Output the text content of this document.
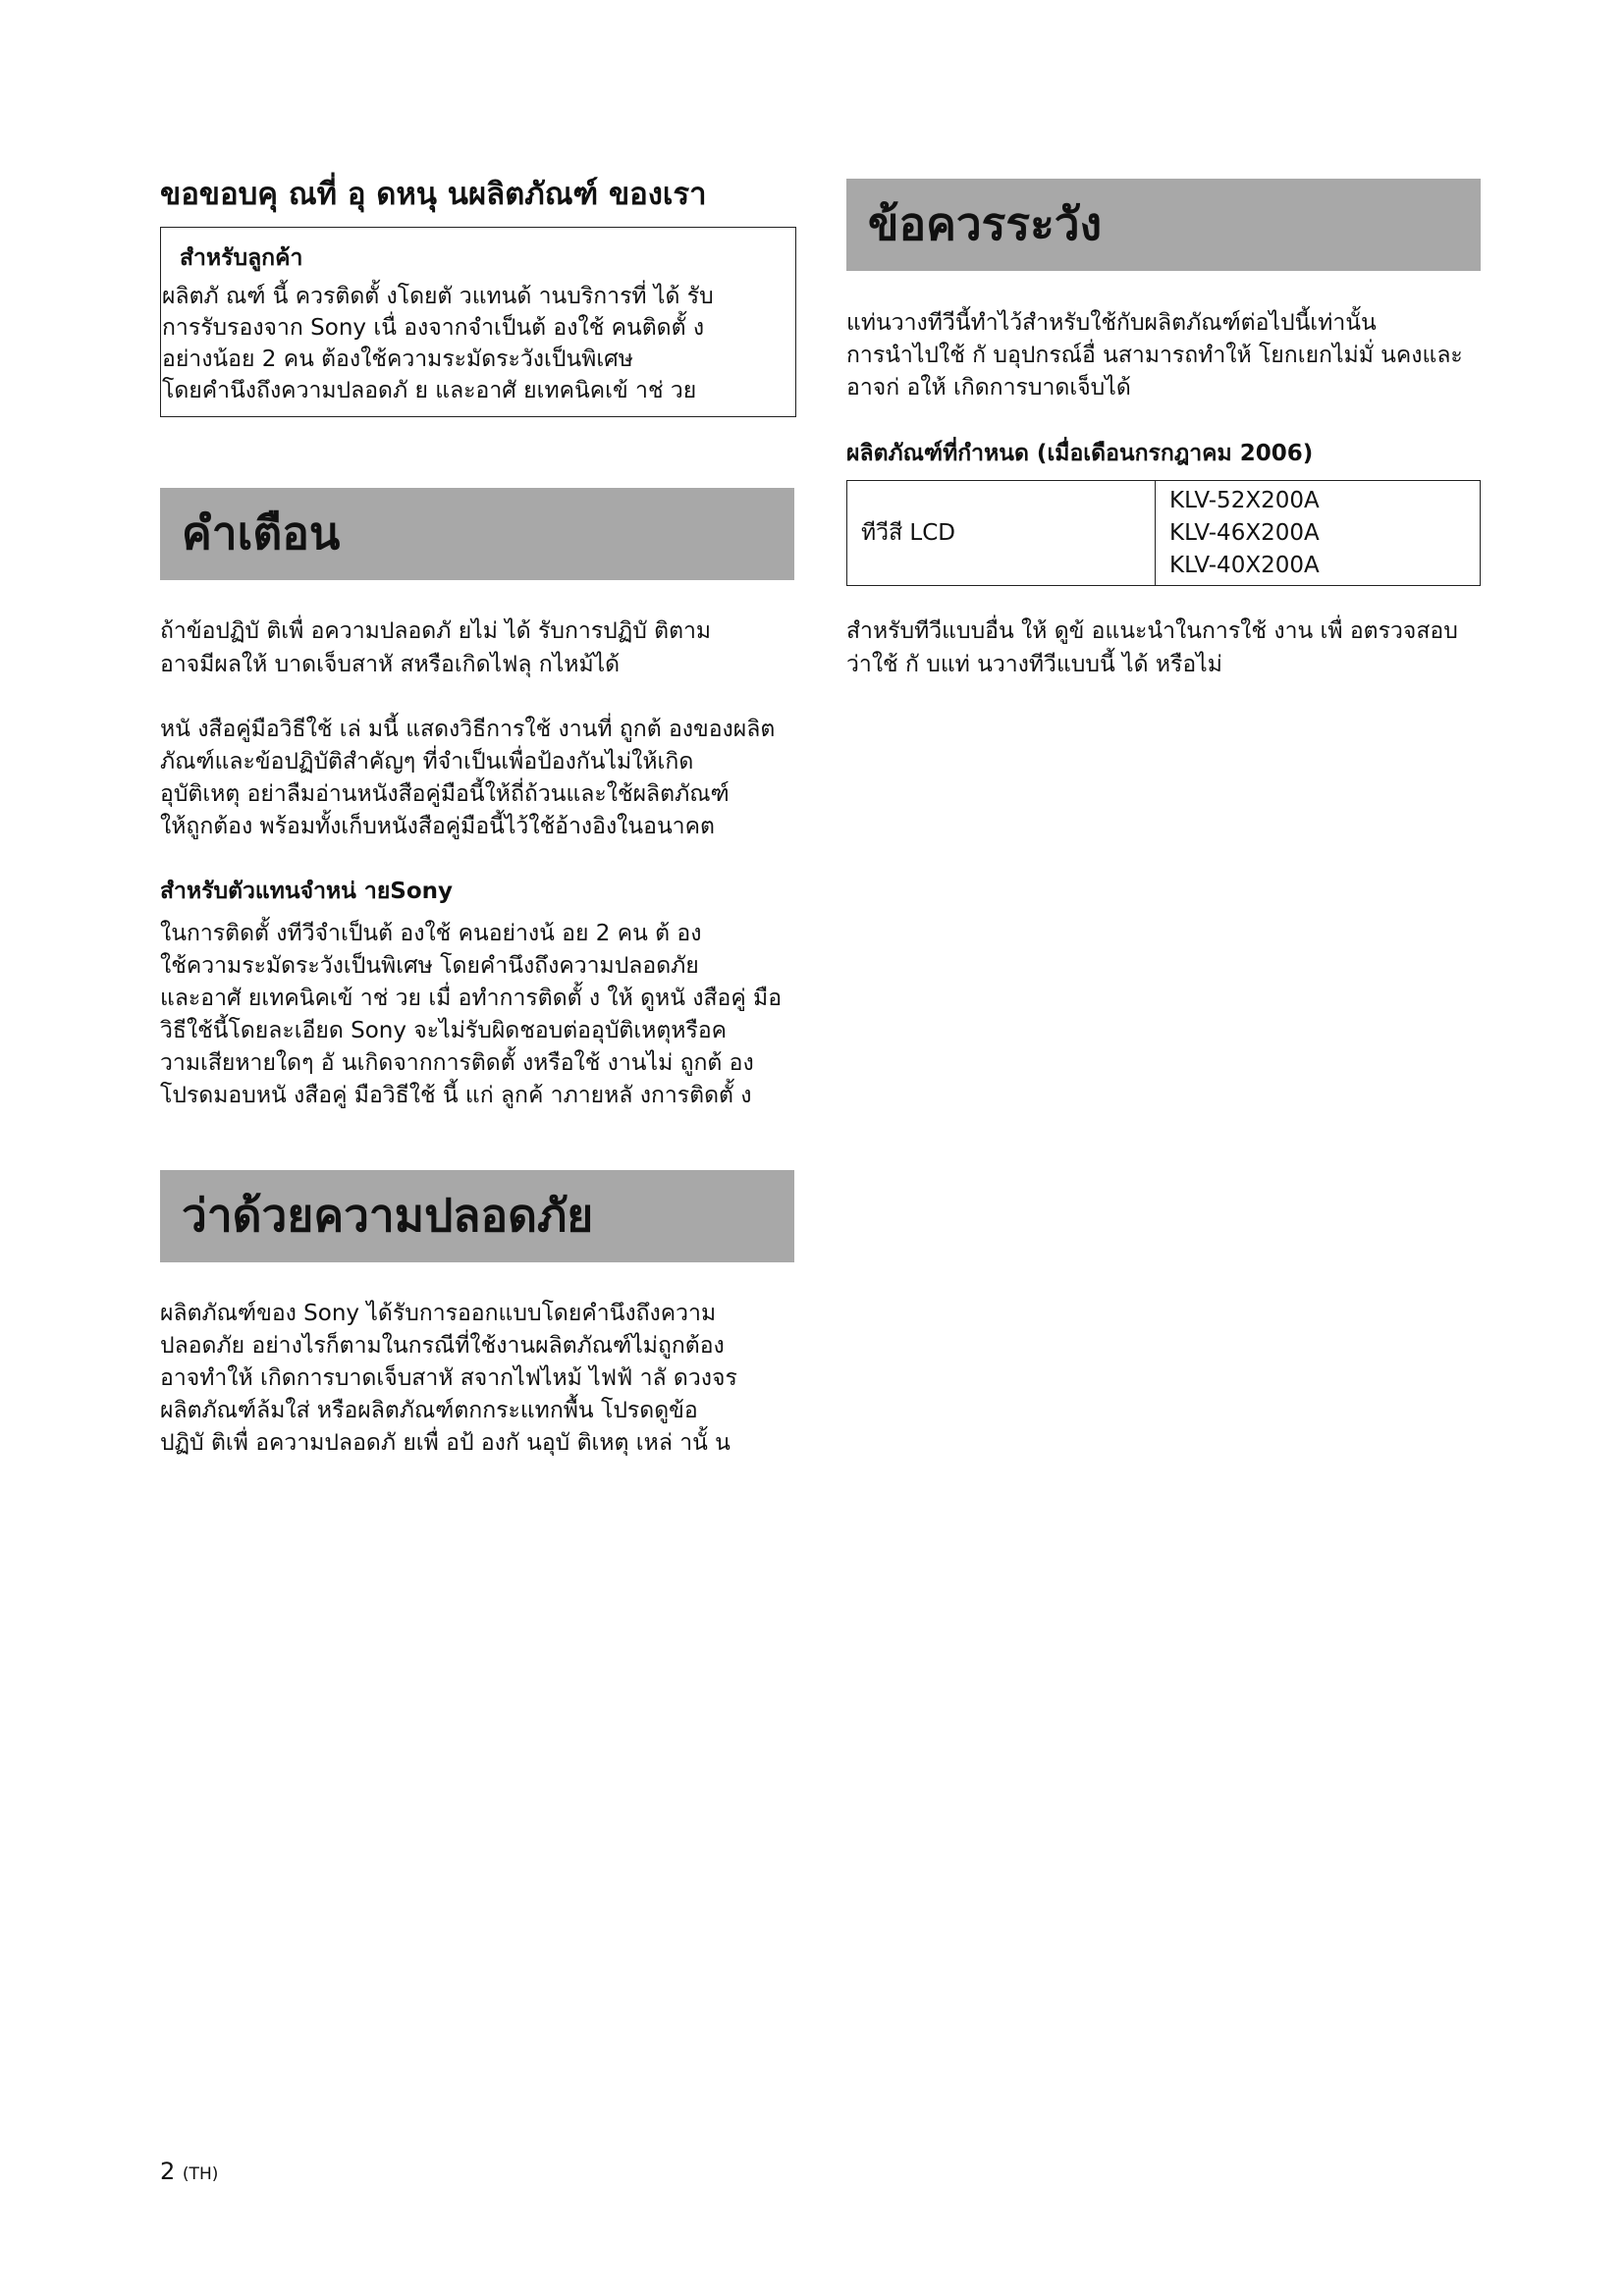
ขอขอบคุ ณที่ อุ ดหนุ นผลิตภัณฑ์ ของเรา
สำหรับลูกค้า
ผลิตภั ณฑ์ นี้ ควรติดตั้ งโดยตั วแทนด้ านบริการที่ ได้ รับ
การรับรองจาก Sony เนื่ องจากจำเป็นต้ องใช้ คนติดตั้ ง
อย่างน้อย 2 คน ต้องใช้ความระมัดระวังเป็นพิเศษ
โดยคำนึงถึงความปลอดภั ย และอาศั ยเทคนิคเข้ าช่ วย
ข้อควรระวัง
แท่นวางทีวีนี้ทำไว้สำหรับใช้กับผลิตภัณฑ์ต่อไปนี้เท่านั้น
การนำไปใช้ กั บอุปกรณ์อื่ นสามารถทำให้ โยกเยกไม่มั่ นคงและ
อาจก่ อให้ เกิดการบาดเจ็บได้
ผลิตภัณฑ์ที่กำหนด (เมื่อเดือนกรกฎาคม 2006)
ทีวีสี LCD	
KLV-52X200A
KLV-46X200A
KLV-40X200A
สำหรับทีวีแบบอื่น ให้ ดูข้ อแนะนำในการใช้ งาน เพื่ อตรวจสอบ
ว่าใช้ กั บแท่ นวางทีวีแบบนี้ ได้ หรือไม่
คำเตือน
ถ้าข้อปฏิบั ติเพื่ อความปลอดภั ยไม่ ได้ รับการปฏิบั ติตาม
อาจมีผลให้ บาดเจ็บสาหั สหรือเกิดไฟลุ กไหม้ได้
หนั งสือคู่มือวิธีใช้ เล่ มนี้ แสดงวิธีการใช้ งานที่ ถูกต้ องของผลิต
ภัณฑ์และข้อปฏิบัติสำคัญๆ ที่จำเป็นเพื่อป้องกันไม่ให้เกิด
อุบัติเหตุ อย่าลืมอ่านหนังสือคู่มือนี้ให้ถี่ถ้วนและใช้ผลิตภัณฑ์
ให้ถูกต้อง พร้อมทั้งเก็บหนังสือคู่มือนี้ไว้ใช้อ้างอิงในอนาคต
สำหรับตัวแทนจำหน่ ายSony
ในการติดตั้ งทีวีจำเป็นต้ องใช้ คนอย่างน้ อย 2 คน ต้ อง
ใช้ความระมัดระวังเป็นพิเศษ โดยคำนึงถึงความปลอดภัย
และอาศั ยเทคนิคเข้ าช่ วย เมื่ อทำการติดตั้ ง ให้ ดูหนั งสือคู่ มือ
วิธีใช้นี้โดยละเอียด Sony จะไม่รับผิดชอบต่ออุบัติเหตุหรือค
วามเสียหายใดๆ อั นเกิดจากการติดตั้ งหรือใช้ งานไม่ ถูกต้ อง
โปรดมอบหนั งสือคู่ มือวิธีใช้ นี้ แก่ ลูกค้ าภายหลั งการติดตั้ ง
ว่าด้วยความปลอดภัย
ผลิตภัณฑ์ของ Sony ได้รับการออกแบบโดยคำนึงถึงความ
ปลอดภัย อย่างไรก็ตามในกรณีที่ใช้งานผลิตภัณฑ์ไม่ถูกต้อง
อาจทำให้ เกิดการบาดเจ็บสาหั สจากไฟไหม้ ไฟฟ้ าลั ดวงจร
ผลิตภัณฑ์ล้มใส่ หรือผลิตภัณฑ์ตกกระแทกพื้น โปรดดูข้อ
ปฏิบั ติเพื่ อความปลอดภั ยเพื่ อป้ องกั นอุบั ติเหตุ เหล่ านั้ น
2 (TH)
